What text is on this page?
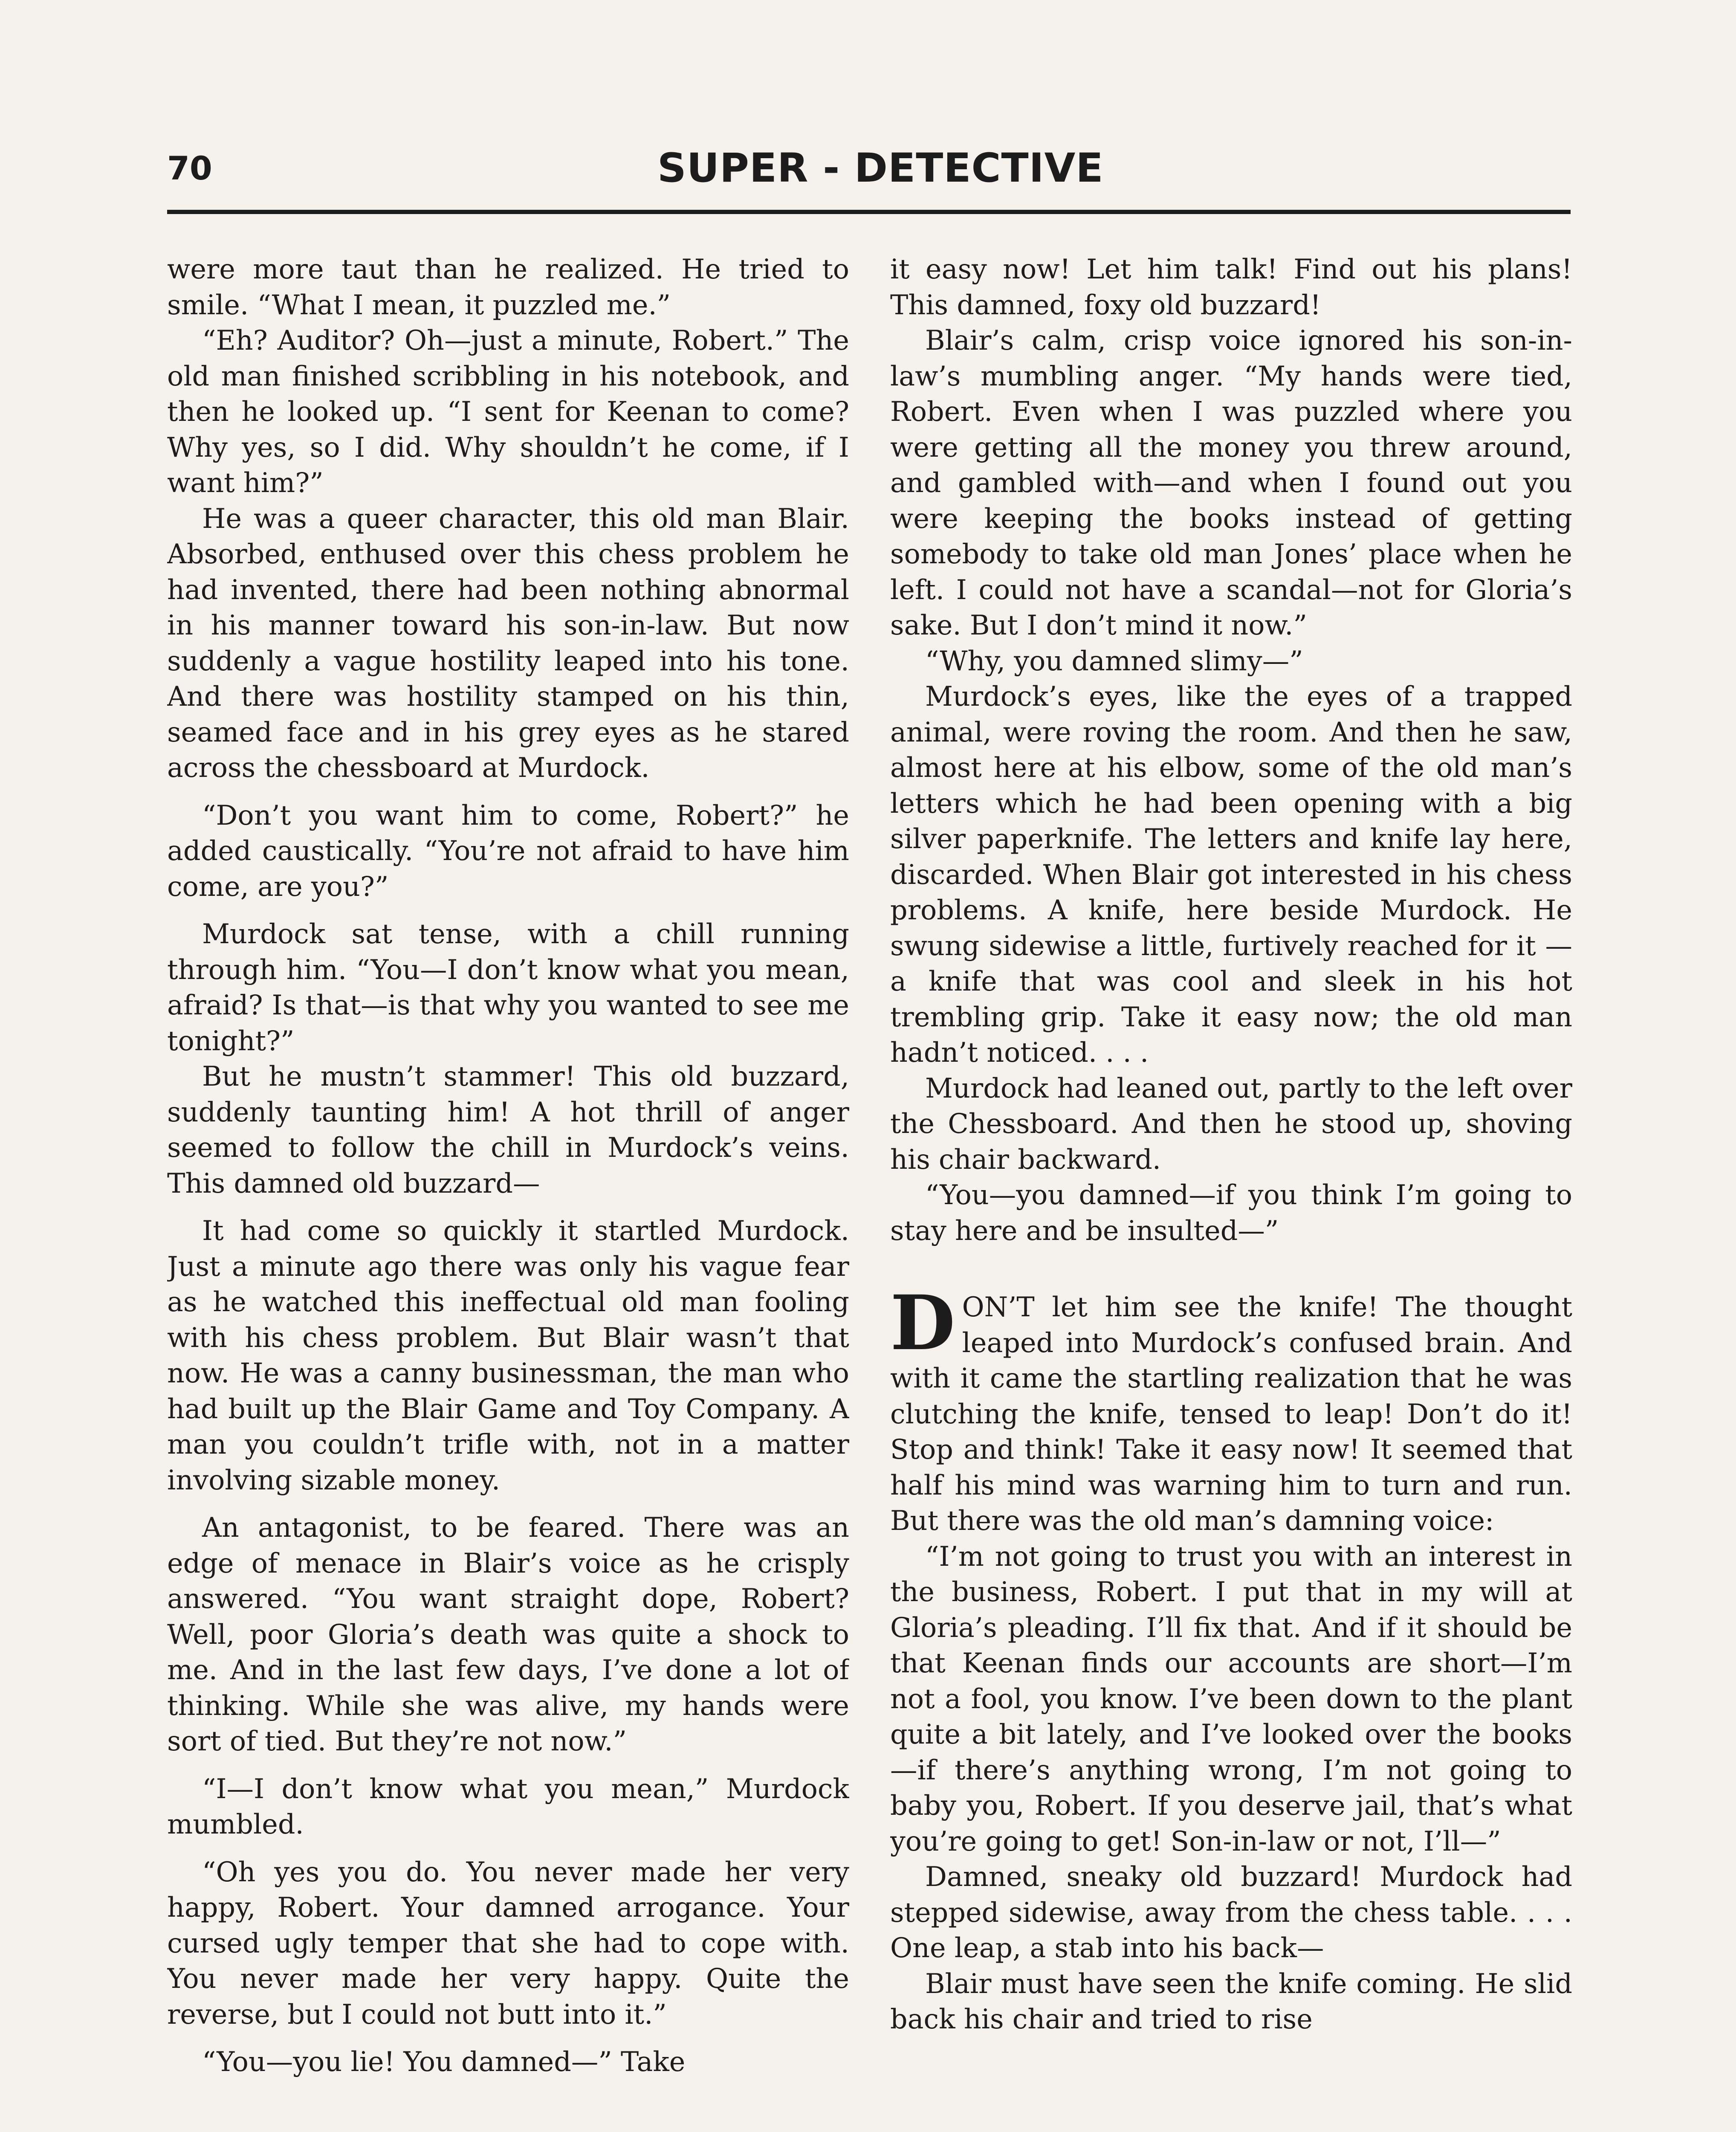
70	SUPER - DETECTIVE

were more taut than he realized. He tried to smile. “What I mean, it puzzled me.”

“Eh? Auditor? Oh—just a minute, Robert.” The old man finished scribbling in his notebook, and then he looked up. “I sent for Keenan to come? Why yes, so I did. Why shouldn’t he come, if I want him?”

He was a queer character, this old man Blair. Absorbed, enthused over this chess problem he had invented, there had been nothing abnormal in his manner toward his son-in-law. But now suddenly a vague hostility leaped into his tone. And there was hostility stamped on his thin, seamed face and in his grey eyes as he stared across the chessboard at Murdock.

“Don’t you want him to come, Robert?” he added caustically. “You’re not afraid to have him come, are you?”

Murdock sat tense, with a chill running through him. “You—I don’t know what you mean, afraid? Is that—is that why you wanted to see me tonight?”

But he mustn’t stammer! This old buzzard, suddenly taunting him! A hot thrill of anger seemed to follow the chill in Murdock’s veins. This damned old buzzard—

It had come so quickly it startled Murdock. Just a minute ago there was only his vague fear as he watched this ineffectual old man fooling with his chess problem. But Blair wasn’t that now. He was a canny businessman, the man who had built up the Blair Game and Toy Company. A man you couldn’t trifle with, not in a matter involving sizable money.

An antagonist, to be feared. There was an edge of menace in Blair’s voice as he crisply answered. “You want straight dope, Robert? Well, poor Gloria’s death was quite a shock to me. And in the last few days, I’ve done a lot of thinking. While she was alive, my hands were sort of tied. But they’re not now.”

“I—I don’t know what you mean,” Murdock mumbled.

“Oh yes you do. You never made her very happy, Robert. Your damned arrogance. Your cursed ugly temper that she had to cope with. You never made her very happy. Quite the reverse, but I could not butt into it.”

“You—you lie! You damned—” Take

it easy now! Let him talk! Find out his plans! This damned, foxy old buzzard!

Blair’s calm, crisp voice ignored his son-in-law’s mumbling anger. “My hands were tied, Robert. Even when I was puzzled where you were getting all the money you threw around, and gambled with—and when I found out you were keeping the books instead of getting somebody to take old man Jones’ place when he left. I could not have a scandal—not for Gloria’s sake. But I don’t mind it now.”

“Why, you damned slimy—”

Murdock’s eyes, like the eyes of a trapped animal, were roving the room. And then he saw, almost here at his elbow, some of the old man’s letters which he had been opening with a big silver paperknife. The letters and knife lay here, discarded. When Blair got interested in his chess problems. A knife, here beside Murdock. He swung sidewise a little, furtively reached for it —a knife that was cool and sleek in his hot trembling grip. Take it easy now; the old man hadn’t noticed. . . .

Murdock had leaned out, partly to the left over the Chessboard. And then he stood up, shoving his chair backward.

“You—you damned—if you think I’m going to stay here and be insulted—”

DON’T let him see the knife! The thought leaped into Murdock’s confused brain. And with it came the startling realization that he was clutching the knife, tensed to leap! Don’t do it! Stop and think! Take it easy now! It seemed that half his mind was warning him to turn and run. But there was the old man’s damning voice:

“I’m not going to trust you with an interest in the business, Robert. I put that in my will at Gloria’s pleading. I’ll fix that. And if it should be that Keenan finds our accounts are short—I’m not a fool, you know. I’ve been down to the plant quite a bit lately, and I’ve looked over the books—if there’s anything wrong, I’m not going to baby you, Robert. If you deserve jail, that’s what you’re going to get! Son-in-law or not, I’ll—”

Damned, sneaky old buzzard! Murdock had stepped sidewise, away from the chess table. . . . One leap, a stab into his back—

Blair must have seen the knife coming. He slid back his chair and tried to rise
